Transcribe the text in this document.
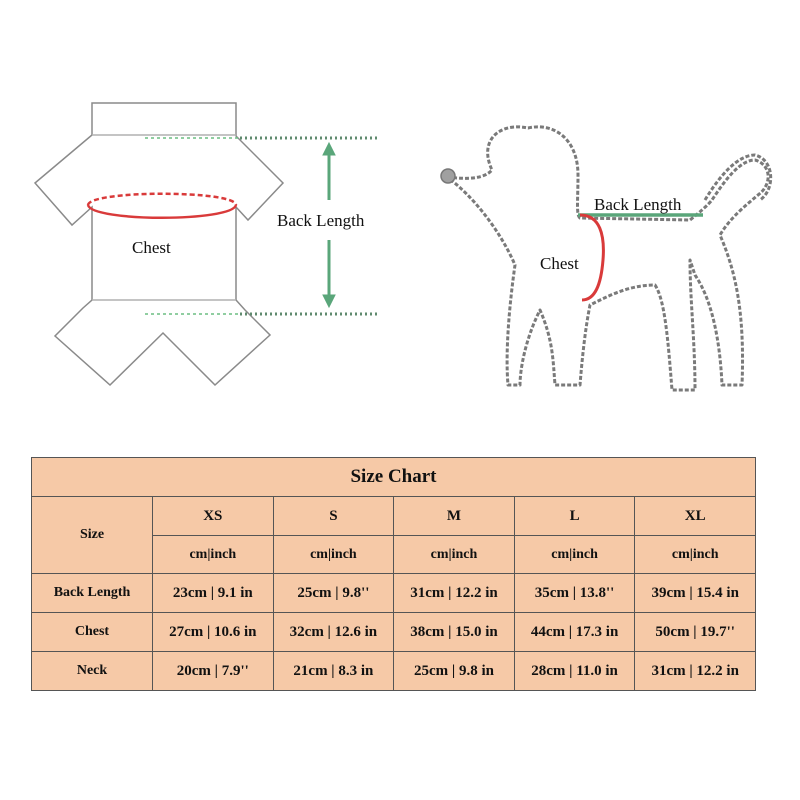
Chest
Back Length
Back Length
Chest
Size Chart					
Size	XS	S	M	L	XL
	cm|inch	cm|inch	cm|inch	cm|inch	cm|inch
Back Length	23cm | 9.1 in	25cm | 9.8''	31cm | 12.2 in	35cm | 13.8''	39cm | 15.4 in
Chest	27cm | 10.6 in	32cm | 12.6 in	38cm | 15.0 in	44cm | 17.3 in	50cm | 19.7''
Neck	20cm | 7.9''	21cm | 8.3 in	25cm | 9.8 in	28cm | 11.0 in	31cm | 12.2 in
